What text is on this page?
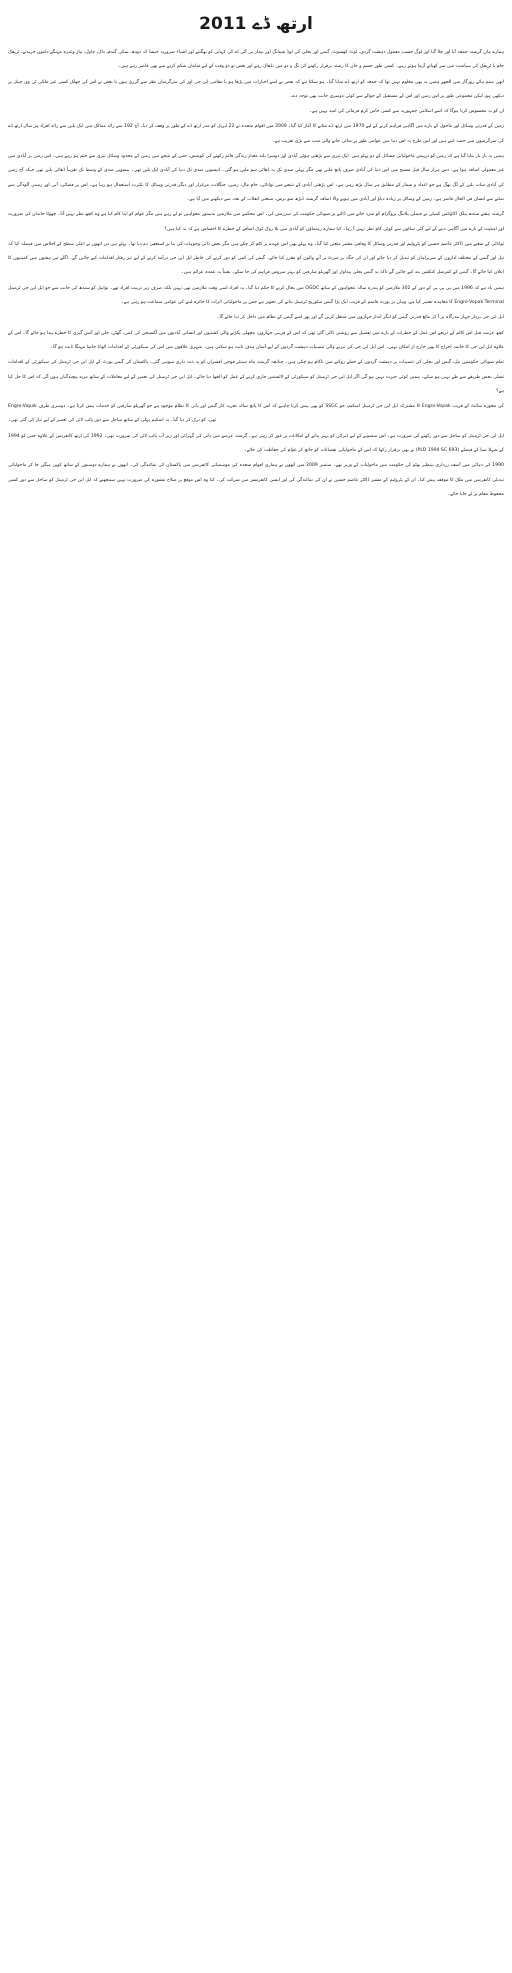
ارتھ ڈے 2011

ہمارے ہاں گزشتہ جمعہ آیا اور چلا گیا اور لوگ حسب معمول دہشت گردی، لوٹ کھسوٹ، گیس اور بجلی کی لوڈ شیڈنگ اور بیمار پی آئی اے کی کہانی کو بھگتتے اور اشیاء ضروریہ جیسا کہ دودھ، شکر، گندم، دال، چاول، پیاز وغیرہ مہنگے داموں خریدتے، ٹریفک جام یا ٹریفک کی سیاست میں سر کھپاتے آزما ہوتے رہے۔ کسی طور جسم و جان کا رشتہ برقرار رکھنے کی تگ و دو میں نڈھال رہے اور بعض تو دو وقت کے لیے سامان شکم کرنے سے بھی قاصر رہے ہیں۔

انھی ستم ہائے روزگار میں الجھے ہمیں یہ بھی معلوم نہیں تھا کہ جمعہ کو ارتھ ڈے منایا گیا۔ ہو سکتا ہے کہ بعض نے اسے اخبارات میں پڑھا ہو یا مقامی این جی اوز کی سرگرمیاں نظر سے گزری ہوں یا بعض نے اس کی جھلک کسی غیر ملکی ٹی وی چینل پر دیکھی ہو، لیکن مجموعی طور پر اس زمین اور اس کے مستقبل کے حوالے سے کوئی دوسری جانب بھی توجہ دے۔

ان کو یہ محسوس کرنا ہوگا کہ اسے اسلامی جمہوریہ سے کسی خاص کرم فرمائی کی امید نہیں ہے۔

زمین کے قدرتی وسائل اور ماحول کے بارے میں آگاہی فراہم کرنے کے لیے 1970 میں ارتھ ڈے منانے کا آغاز کیا گیا۔ 2009 میں اقوام متحدہ نے 22 اپریل کو مدر ارتھ ڈے کے طور پر وقف کر دیا۔ آج 192 سے زائد ممالک میں ایک بلین سے زائد افراد ہر سال ارتھ ڈے کی سرگرمیوں میں حصہ لیتے ہیں اور اس طرح یہ اس دنیا میں عوامی طور پر منائی جانے والی سب سے بڑی تقریب ہے۔

ہمیں یہ بار بار بتایا گیا ہے کہ زمین کو درپیش ماحولیاتی مسائل کے دو پہلو ہیں: ایک تیزی سے بڑھتی ہوئی آبادی اور دوسرا بلند معیار زندگی قائم رکھنے کی کوشش، جس کے نتیجے میں زمین کے محدود وسائل تیزی سے ختم ہو رہے ہیں۔ اس زمین پر آبادی میں غیر معمولی اضافہ ہوا ہے۔ دس ہزار سال قبل مسیح میں اس دنیا کی آبادی صرف پانچ ملین تھی مگر پہلی صدی تک یہ ڈھائی سو ملین ہو گئی۔ انیسویں صدی تک دنیا کی آبادی ایک بلین تھی۔ بیسویں صدی کے وسط تک تقریباً ڈھائی بلین تھی جبکہ آج زمین کی آبادی سات بلین کے لگ بھگ ہے جو اعداد و شمار کے مطابق ہر سال بڑھ رہی ہے۔ اس بڑھتی آبادی کے نتیجے میں توانائی، خام مال، زمین، جنگلات، مرغزار اور دیگر قدرتی وسائل کا بکثرت استعمال ہو رہا ہے۔ اس پر فضائی، آبی اور زمینی آلودگی سے نمٹنے سے انسان فی الحال قاصر ہے۔ زمین کے وسائل پر زیادہ دباؤ اور آبادی میں ہونے والا اضافہ گزشتہ ڈیڑھ سو برس، صنعتی انقلاب کے بعد، سے دیکھنے میں آیا ہے۔

گزشتہ ہفتے سندھ پبلک اکاؤنٹس کمیٹی نے فیملی پلاننگ پروگرام کو سرد خانے میں ڈالنے پر صوبائی حکومت کی سرزنش کی۔ اس محکمے میں ملازمین بدستور تنخواہیں تو لے رہے ہیں مگر عوام کو اپنا کام کیا ہے وہ کچھ نظر نہیں آتا۔ چھوٹا خاندان کی ضرورت اور اہمیت کے بارے میں آگاہی دینے کے لیے کئی سالوں سے کوئی کام نظر نہیں آ رہا۔ کیا ہمارے رہنماؤں کو آبادی میں بلا روک ٹوک اضافے کے خطرے کا احساس ہے کہ یہ کیا ہیں؟

توانائی کے شعبے میں ڈاکٹر عاصم حسین کو پٹرولیم اور قدرتی وسائل کا وفاقی مشیر متعین کیا گیا۔ وہ پہلے بھی اس عہدے پر کام کر چکے ہیں مگر بعض ذاتی وجوہات کی بنا پر استعفیٰ دے دیا تھا۔ پہلے ہی دن انھوں نے اعلیٰ سطح کے اجلاس میں فیصلہ کیا کہ تیل اور گیس کے مختلف اداروں کے سربراہان کو تبدیل کر دیا جائے اور ان کی جگہ پر میرٹ پر آنے والوں کو مقرر کیا جائے۔ گیس کی کمی کو دور کرنے کی خاطر ایل این جی درآمد کرنے کے لیے تیز رفتار اقدامات کیے جائیں گے۔ اگلے تین ہفتوں میں کمپنیوں کا اعلان کیا جائے گا۔ گیس کے کمرشل کنکشن بند کیے جائیں گے تاکہ یہ گیس بجلی پیداوار اور گھریلو صارفین کو بہتر سروس فراہم کی جا سکے۔ یقیناً یہ عمدہ عزائم ہیں۔

ہمیں یاد ہے کہ 1996 میں پی پی پی کے دور کے 302 ملازمین کو پندرہ سالہ تنخواہوں کے ساتھ OGDC میں بحال کرنے کا حکم دیا گیا۔ یہ افراد اسی وقت ملازمین بھی نہیں بلکہ صرف زیر تربیت افراد تھے۔ نوابیل کو سندھ کی جانب سے جو ایل این جی ٹرمینل Engro-Vopak Terminal کا معاہدہ تعمیر کیا ہے، وہاں پر پورٹ قاسم کے قریب ایک بڑا گیس سٹوریج ٹرمینل بنانے کی تجویز ہے جس پر ماحولیاتی اثرات کا جائزہ لینے کی عوامی سماعت ہو رہی ہے۔

ایل این جی بردار جہاز بندرگاہ پر آ کر مائع قدرتی گیس کو لنگر انداز جہازوں میں منتقل کریں گے اور پھر اسے گیس کے نظام میں داخل کر دیا جائے گا۔

کچھ عرصہ قبل اس کالم کے ذریعے اس عمل کے خطرات کے بارے میں تفصیل سے روشنی ڈالی گئی تھی کہ اس کے قریبی جہازوں، مچھلی پکڑنے والی کشتیوں اور انسانی آبادیوں میں آکسیجن کی کمی، گھٹن، جلن اور آتش گیری کا خطرہ پیدا ہو جائے گا۔ اس کے علاوہ ایل این جی کا خاتمہ اخراج کا بھی خارج از امکان نہیں۔ اس ایل این جی کی تیرنے والی تنصیبات دہشت گردوں کے لیے آسان ہدف ثابت ہو سکتی ہیں۔ شہری علاقوں میں اس کی سیکورٹی کے اقدامات اٹھانا خاصا مہنگا ثابت ہو گا۔

تمام صوبائی حکومتیں تیل، گیس اور بجلی کی تنصیبات پر دہشت گردوں کے حملے روکنے میں ناکام ہو چکی ہیں۔ چنانچہ گزشتہ ماہ سینئر فوجی افسران کو یہ ذمہ داری سونپی گئی۔ پاکستان کی گیس پورٹ کے ایل این جی ٹرمینل کی سیکورٹی کے اقدامات تسلی بخش طریقے سے طے نہیں ہو سکے۔ ہمیں کوئی حیرت نہیں ہو گی اگر ایل این جی ٹرمینل کو سیکورٹی کے لائسنس جاری کرنے کے عمل کو الجھا دیا جائے۔ ایل این جی ٹرمینل کی تعمیر کے لیے معاملات کے ساتھ مزید پیچیدگیاں ہوں گی کہ اس کا حل کیا ہے؟

Engro-Vopak کو بھی پیش کرنا چاہیے کہ اس کا پانچ سالہ تجربہ کار گیس اور پانی کا نظام موجود ہے جو گھریلو صارفین کو خدمات پیش کرتا ہے۔ دوسری طرف SSGC کا مشترکہ ایل این جی ٹرمینل اسکیم، جو Engro-Vopak کی مجوزہ سائٹ کے قریب تھی، کو ترک کر دیا گیا۔ یہ اسکیم پہلی کے ساتھ ساحل سے دور پائپ لائن کی تعمیر کے لیے تیار کی گئی تھی۔

ایل این جی ٹرمینل کو ساحل سے دور رکھنے کی ضرورت ہے۔ اس منصوبے کے لیے ڈیزائن کو بہتر بنانے کے امکانات پر غور کر رہی ہے۔ گزشتہ عرصے میں پانی کی گہرائی اور زیر آب پائپ لائن کی ضرورت تھی۔ 1992 کی ارتھ کانفرنس کے علاوہ جس کو 1994 کے شہلا ضیا کے فیصلے (PLD 1994 SC 693) نے بھی برقرار رکھا کہ اس کے ماحولیاتی نقصانات کو جانچ کر عوام کی حفاظت کی جائے۔

1990 کی دہائی میں آصف زرداری بینظیر بھٹو کی حکومت میں ماحولیات کے وزیر تھے۔ ستمبر 2009 میں انھوں نے ہماری اقوام متحدہ کی موسمیاتی کانفرنس میں پاکستان کی نمائندگی کی۔ انھوں نے ہمارے دوستوں کے ساتھ کوپن ہیگن جا کر ماحولیاتی تبدیلی کانفرنس میں ملک کا موقف پیش کیا۔ ان کے پٹرولیم کے مشیر ڈاکٹر عاصم حسین نے ان کی نمائندگی کی اور ایسی کانفرنسز میں شرکت کی۔ کیا وہ اس موقع پر صلاح مشورہ کی ضرورت نہیں سمجھتے کہ ایل این جی ٹرمینل کو ساحل سے دور کسی محفوظ مقام پر لے جایا جائے۔
